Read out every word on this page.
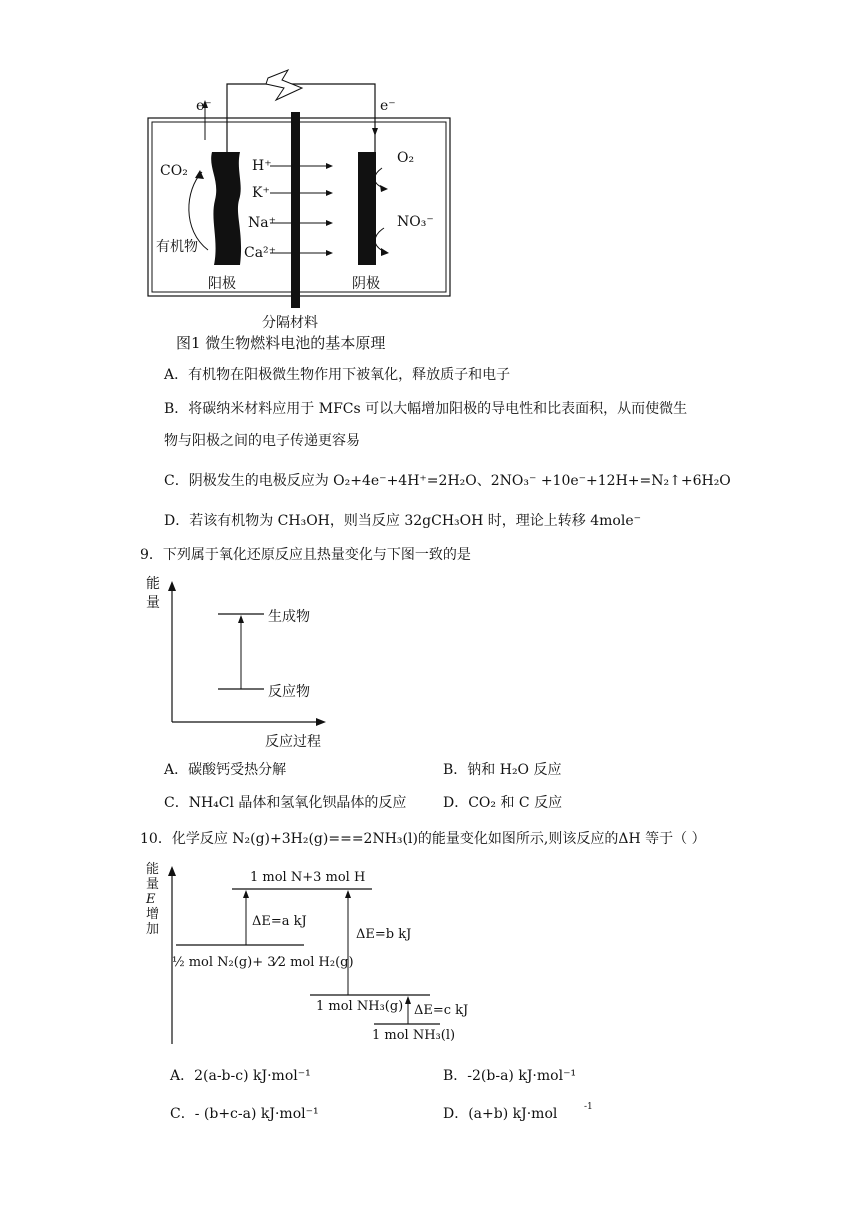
e⁻	e⁻
CO₂
有机物
阳极	阴极
H⁺
K⁺
Na⁺
Ca²⁺
O₂
NO₃⁻
分隔材料
图1 微生物燃料电池的基本原理
A．有机物在阳极微生物作用下被氧化，释放质子和电子
B．将碳纳米材料应用于 MFCs 可以大幅增加阳极的导电性和比表面积，从而使微生
物与阳极之间的电子传递更容易
C．阴极发生的电极反应为 O₂+4e⁻+4H⁺=2H₂O、2NO₃⁻ +10e⁻+12H+=N₂↑+6H₂O
D．若该有机物为 CH₃OH，则当反应 32gCH₃OH 时，理论上转移 4mole⁻
9．下列属于氧化还原反应且热量变化与下图一致的是
能
量
生成物
反应物
反应过程
A．碳酸钙受热分解	B．钠和 H₂O 反应
C．NH₄Cl 晶体和氢氧化钡晶体的反应	D．CO₂ 和 C 反应
10．化学反应 N₂(g)+3H₂(g)===2NH₃(l)的能量变化如图所示,则该反应的ΔH 等于（ ）
能
量
E
增
加
1 mol N+3 mol H
ΔE=a kJ
ΔE=b kJ
½ mol N₂(g)+ 3⁄2 mol H₂(g)
1 mol NH₃(g) ΔE=c kJ
1 mol NH₃(l)
A．2(a-b-c) kJ·mol⁻¹	B．-2(b-a) kJ·mol⁻¹
C．- (b+c-a) kJ·mol⁻¹	D．(a+b) kJ·mol	-1
